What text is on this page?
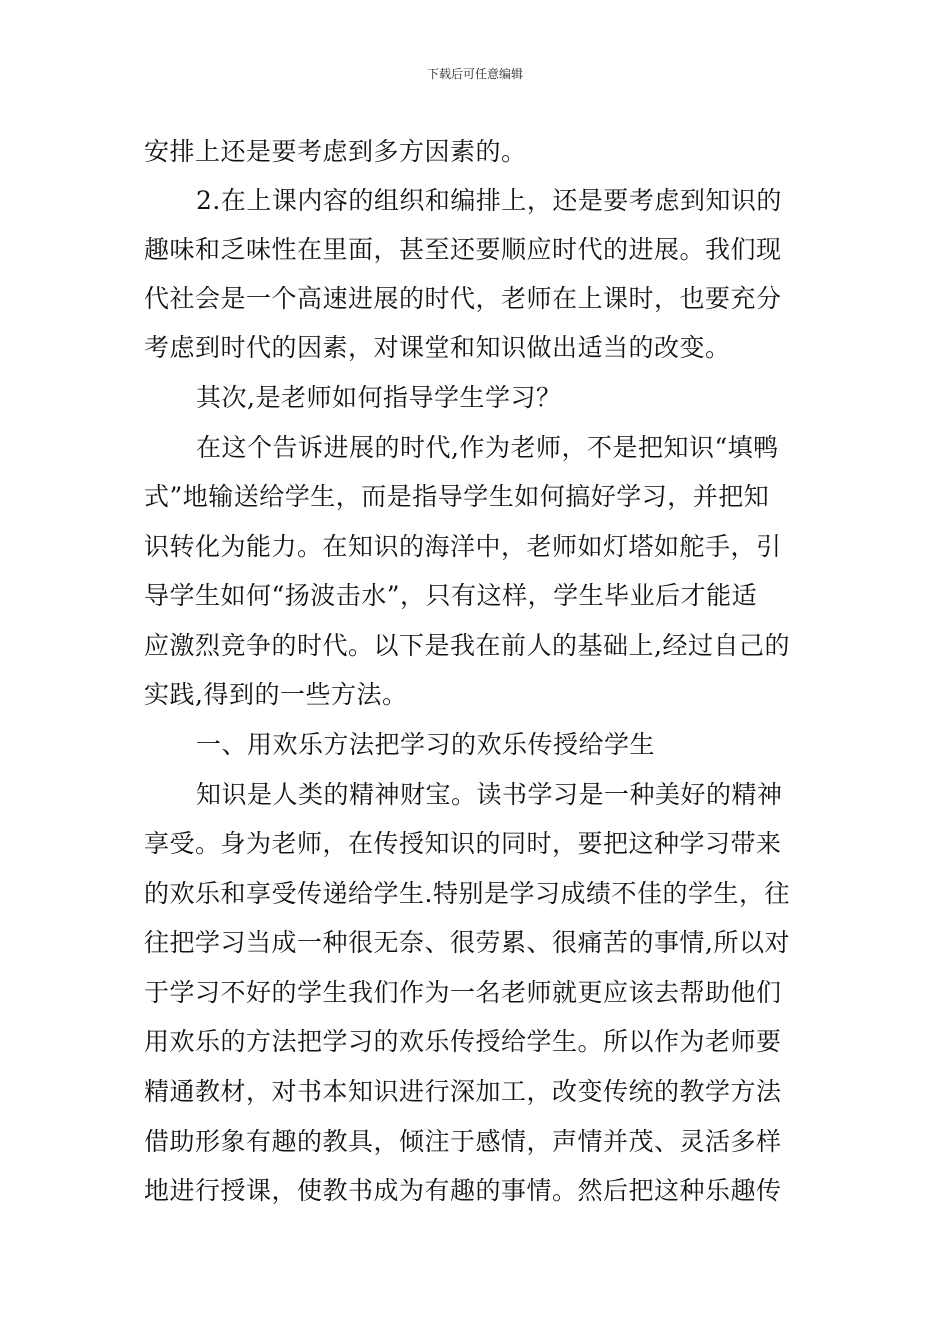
下载后可任意编辑
安排上还是要考虑到多方因素的。
2.在上课内容的组织和编排上，还是要考虑到知识的
趣味和乏味性在里面，甚至还要顺应时代的进展。我们现
代社会是一个高速进展的时代，老师在上课时，也要充分
考虑到时代的因素，对课堂和知识做出适当的改变。
其次,是老师如何指导学生学习？
在这个告诉进展的时代,作为老师，不是把知识“填鸭
式”地输送给学生，而是指导学生如何搞好学习，并把知
识转化为能力。在知识的海洋中，老师如灯塔如舵手，引
导学生如何“扬波击水”，只有这样，学生毕业后才能适
应激烈竞争的时代。以下是我在前人的基础上,经过自己的
实践,得到的一些方法。
一、用欢乐方法把学习的欢乐传授给学生
知识是人类的精神财宝。读书学习是一种美好的精神
享受。身为老师，在传授知识的同时，要把这种学习带来
的欢乐和享受传递给学生.特别是学习成绩不佳的学生，往
往把学习当成一种很无奈、很劳累、很痛苦的事情,所以对
于学习不好的学生我们作为一名老师就更应该去帮助他们
用欢乐的方法把学习的欢乐传授给学生。所以作为老师要
精通教材，对书本知识进行深加工，改变传统的教学方法
借助形象有趣的教具，倾注于感情，声情并茂、灵活多样
地进行授课，使教书成为有趣的事情。然后把这种乐趣传
